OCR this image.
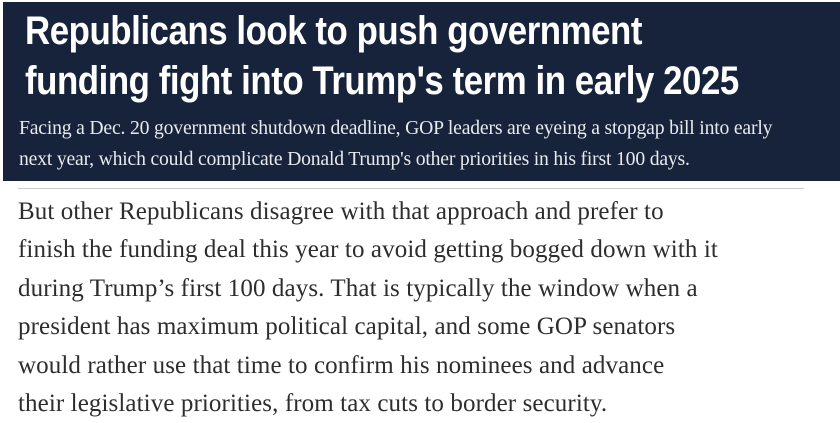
Republicans look to push government
funding fight into Trump's term in early 2025

Facing a Dec. 20 government shutdown deadline, GOP leaders are eyeing a stopgap bill into early
next year, which could complicate Donald Trump's other priorities in his first 100 days.

But other Republicans disagree with that approach and prefer to
finish the funding deal this year to avoid getting bogged down with it
during Trump’s first 100 days. That is typically the window when a
president has maximum political capital, and some GOP senators
would rather use that time to confirm his nominees and advance
their legislative priorities, from tax cuts to border security.
